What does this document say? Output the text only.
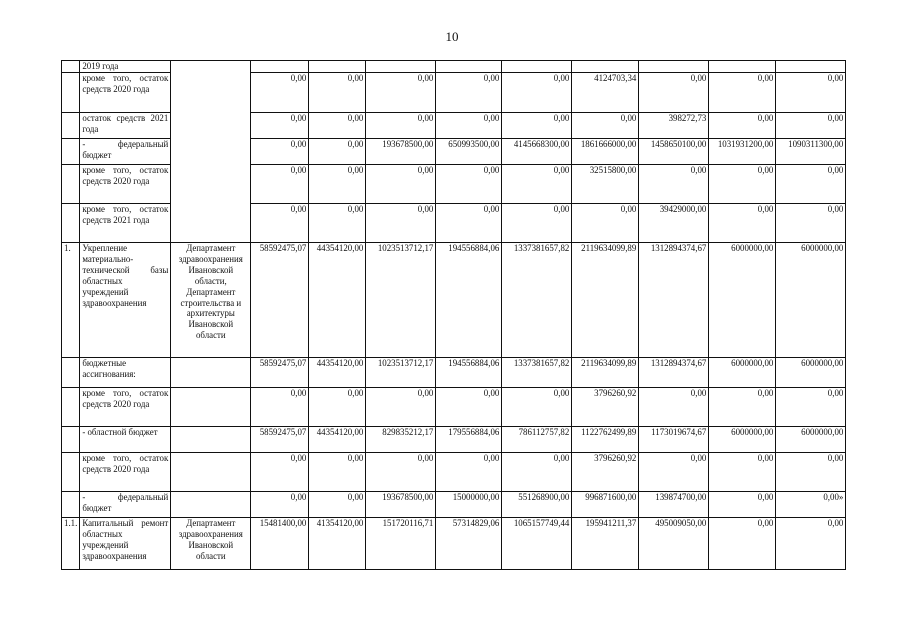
10
	2019 года										
	кроме того, остаток средств 2020 года		0,00	0,00	0,00	0,00	0,00	4124703,34	0,00	0,00	0,00
	остаток средств 2021 года		0,00	0,00	0,00	0,00	0,00	0,00	398272,73	0,00	0,00
	- федеральный бюджет		0,00	0,00	193678500,00	650993500,00	4145668300,00	1861666000,00	1458650100,00	1031931200,00	1090311300,00
	кроме того, остаток средств 2020 года		0,00	0,00	0,00	0,00	0,00	32515800,00	0,00	0,00	0,00
	кроме того, остаток средств 2021 года		0,00	0,00	0,00	0,00	0,00	0,00	39429000,00	0,00	0,00
1.	Укрепление материально-технической базы областных учреждений здравоохранения	Департамент здравоохранения Ивановской области, Департамент строительства и архитектуры Ивановской области	58592475,07	44354120,00	1023513712,17	194556884,06	1337381657,82	2119634099,89	1312894374,67	6000000,00	6000000,00
	бюджетные ассигнования:		58592475,07	44354120,00	1023513712,17	194556884,06	1337381657,82	2119634099,89	1312894374,67	6000000,00	6000000,00
	кроме того, остаток средств 2020 года		0,00	0,00	0,00	0,00	0,00	3796260,92	0,00	0,00	0,00
	- областной бюджет		58592475,07	44354120,00	829835212,17	179556884,06	786112757,82	1122762499,89	1173019674,67	6000000,00	6000000,00
	кроме того, остаток средств 2020 года		0,00	0,00	0,00	0,00	0,00	3796260,92	0,00	0,00	0,00
	- федеральный бюджет		0,00	0,00	193678500,00	15000000,00	551268900,00	996871600,00	139874700,00	0,00	0,00»
1.1.	Капитальный ремонт областных учреждений здравоохранения	Департамент здравоохранения Ивановской области	15481400,00	41354120,00	151720116,71	57314829,06	1065157749,44	195941211,37	495009050,00	0,00	0,00
